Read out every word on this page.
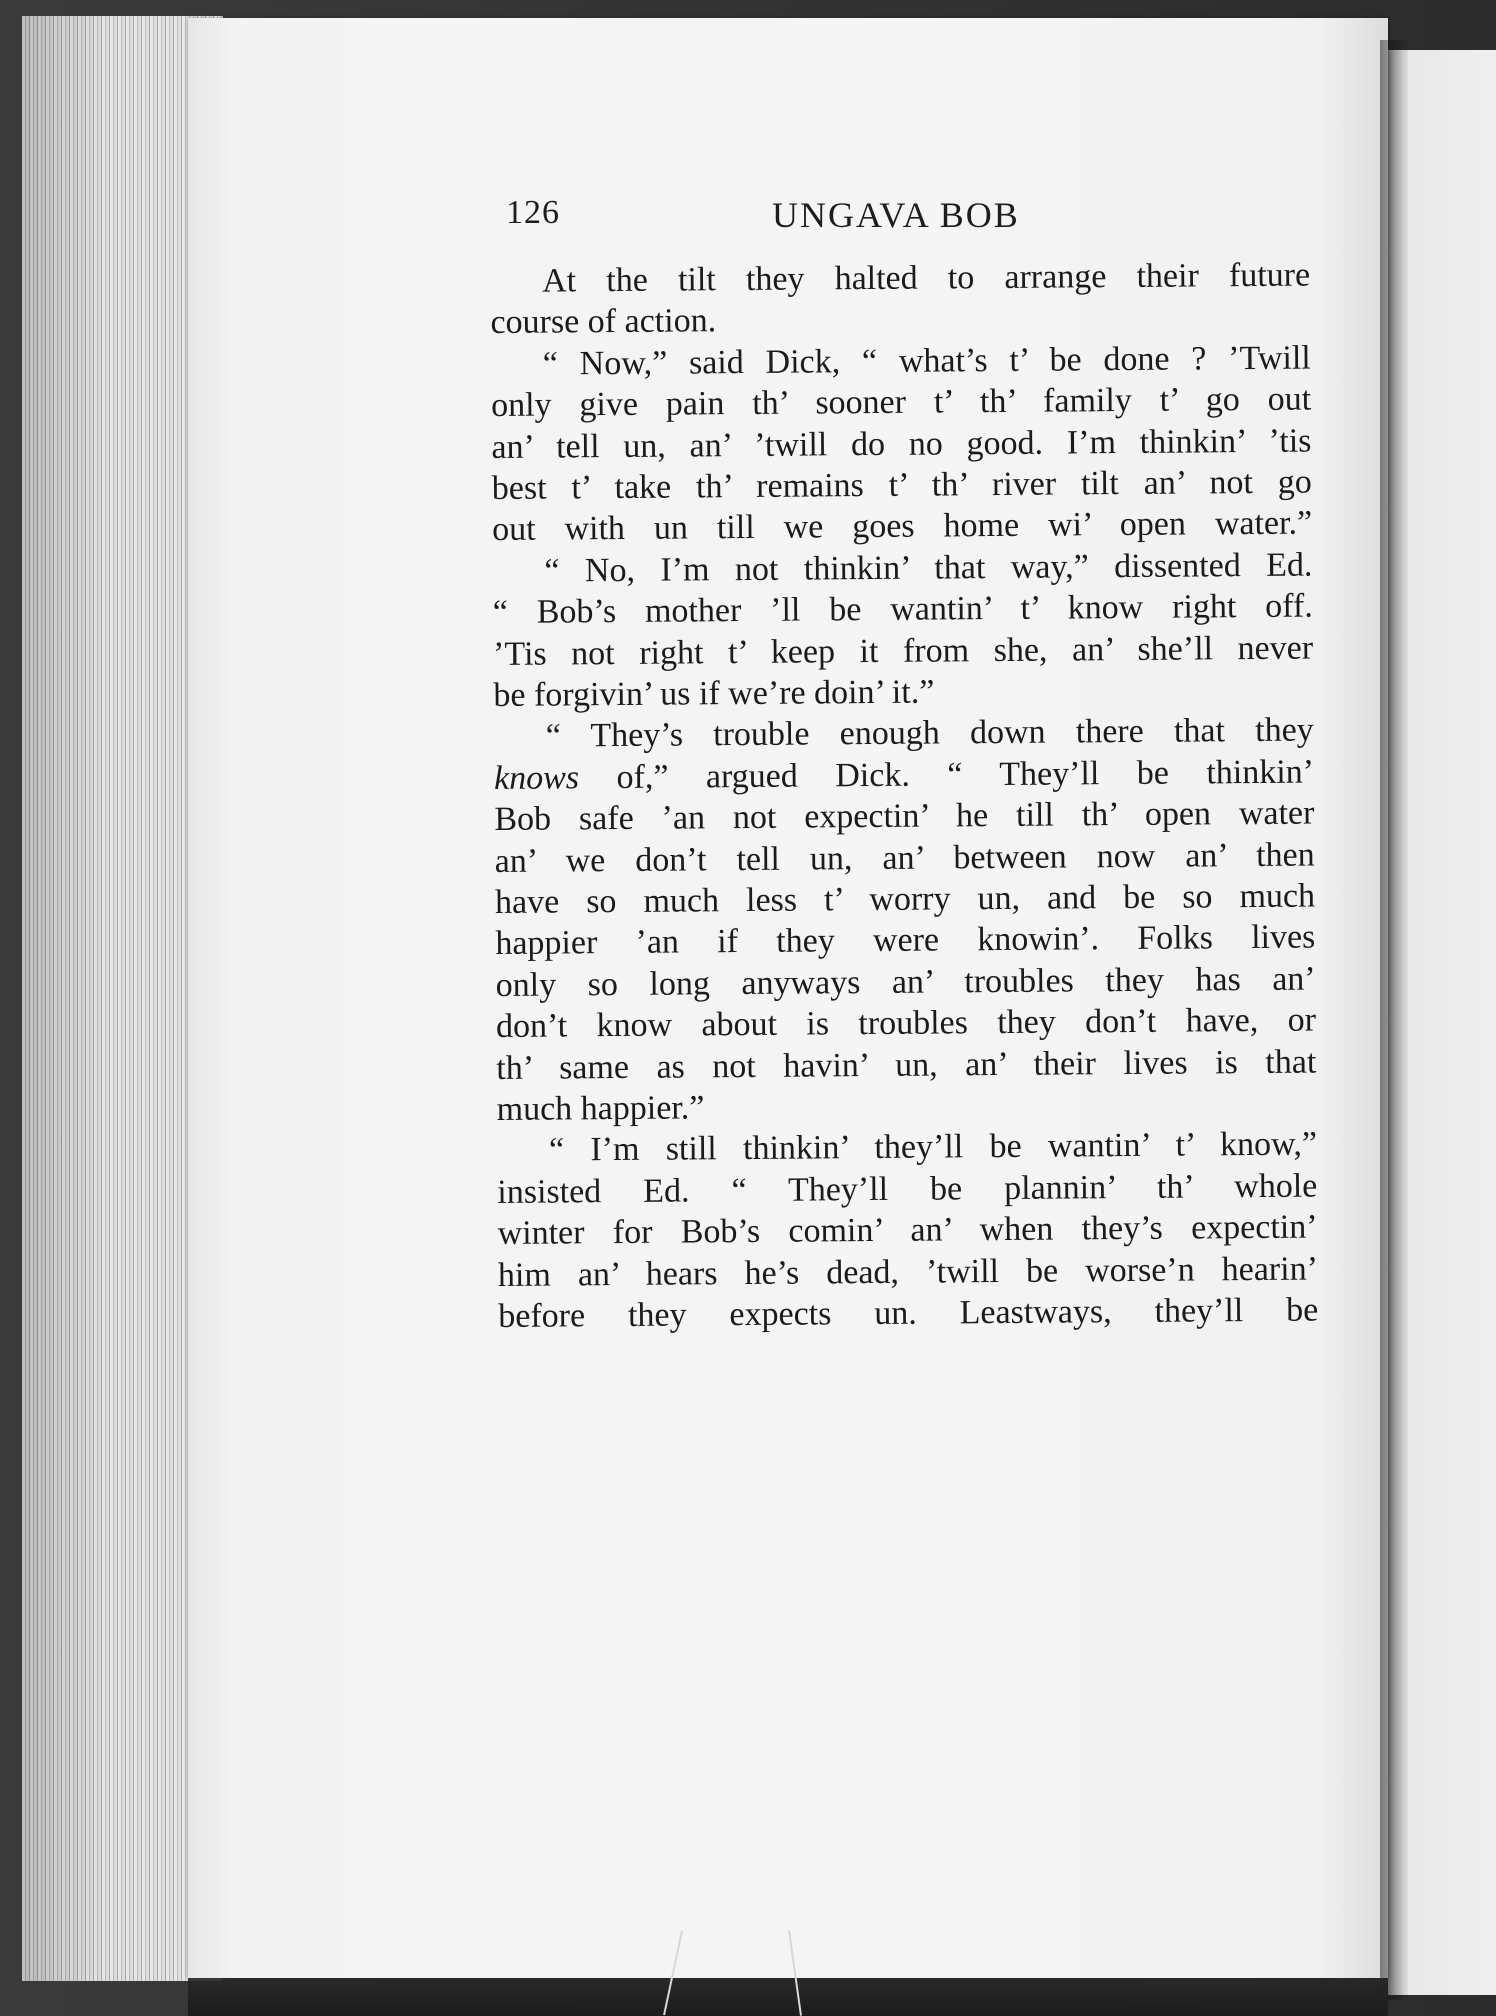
126	UNGAVA BOB
At the tilt they halted to arrange their future
course of action.
“ Now,” said Dick, “ what’s t’ be done ? ’Twill
only give pain th’ sooner t’ th’ family t’ go out
an’ tell un, an’ ’twill do no good. I’m thinkin’ ’tis
best t’ take th’ remains t’ th’ river tilt an’ not go
out with un till we goes home wi’ open water.”
“ No, I’m not thinkin’ that way,” dissented Ed.
“ Bob’s mother ’ll be wantin’ t’ know right off.
’Tis not right t’ keep it from she, an’ she’ll never
be forgivin’ us if we’re doin’ it.”
“ They’s trouble enough down there that they
knows of,” argued Dick. “ They’ll be thinkin’
Bob safe ’an not expectin’ he till th’ open water
an’ we don’t tell un, an’ between now an’ then
have so much less t’ worry un, and be so much
happier ’an if they were knowin’. Folks lives
only so long anyways an’ troubles they has an’
don’t know about is troubles they don’t have, or
th’ same as not havin’ un, an’ their lives is that
much happier.”
“ I’m still thinkin’ they’ll be wantin’ t’ know,”
insisted Ed. “ They’ll be plannin’ th’ whole
winter for Bob’s comin’ an’ when they’s expectin’
him an’ hears he’s dead, ’twill be worse’n hearin’
before they expects un. Leastways, they’ll be
